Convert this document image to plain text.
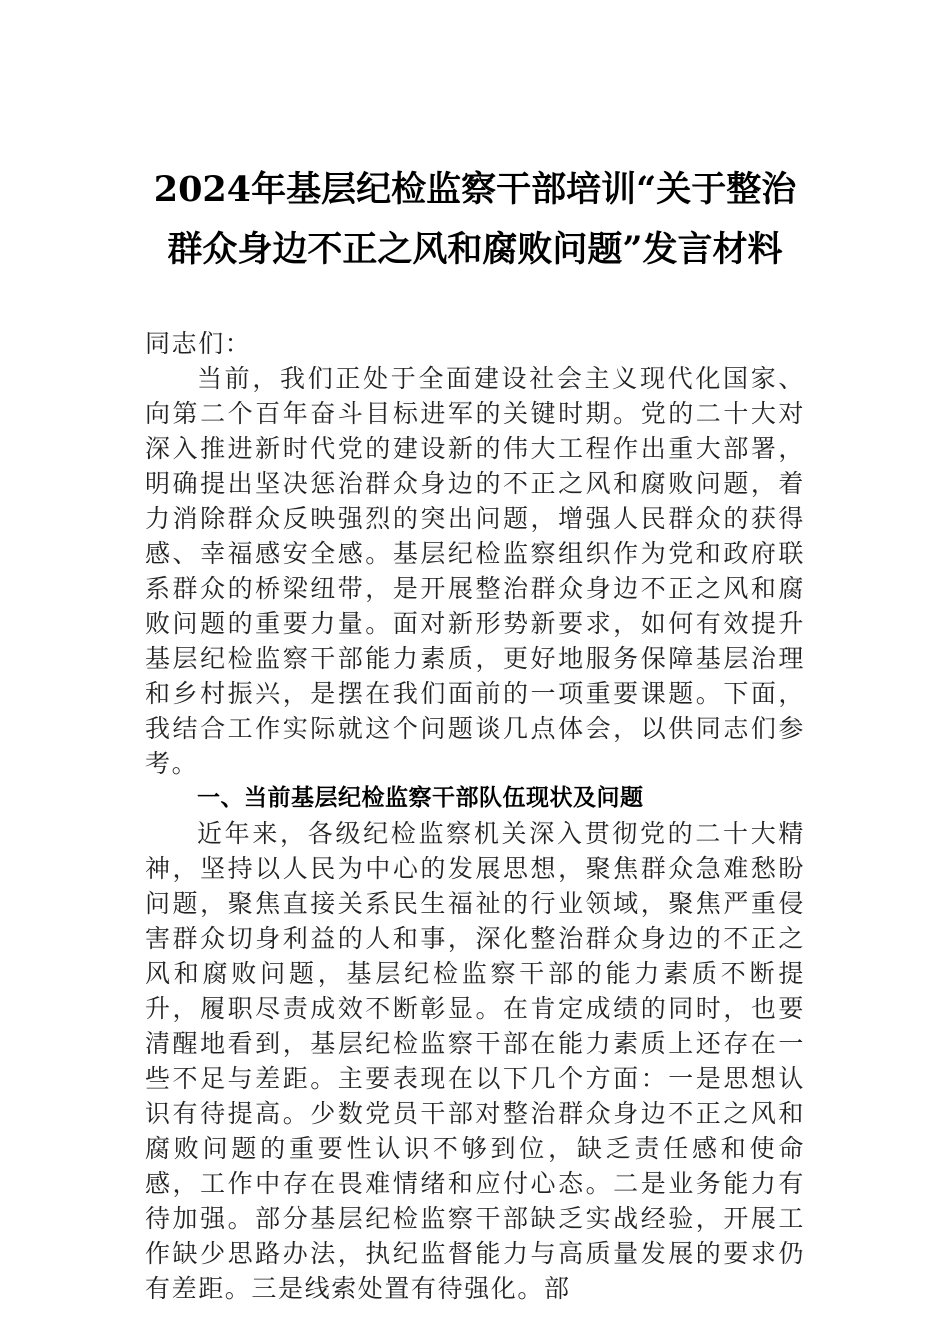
2024年基层纪检监察干部培训“关于整治
群众身边不正之风和腐败问题”发言材料

同志们：

当前，我们正处于全面建设社会主义现代化国家、向第二个百年奋斗目标进军的关键时期。党的二十大对深入推进新时代党的建设新的伟大工程作出重大部署，明确提出坚决惩治群众身边的不正之风和腐败问题，着力消除群众反映强烈的突出问题，增强人民群众的获得感、幸福感安全感。基层纪检监察组织作为党和政府联系群众的桥梁纽带，是开展整治群众身边不正之风和腐败问题的重要力量。面对新形势新要求，如何有效提升基层纪检监察干部能力素质，更好地服务保障基层治理和乡村振兴，是摆在我们面前的一项重要课题。下面，我结合工作实际就这个问题谈几点体会，以供同志们参考。

一、当前基层纪检监察干部队伍现状及问题

近年来，各级纪检监察机关深入贯彻党的二十大精神，坚持以人民为中心的发展思想，聚焦群众急难愁盼问题，聚焦直接关系民生福祉的行业领域，聚焦严重侵害群众切身利益的人和事，深化整治群众身边的不正之风和腐败问题，基层纪检监察干部的能力素质不断提升，履职尽责成效不断彰显。在肯定成绩的同时，也要清醒地看到，基层纪检监察干部在能力素质上还存在一些不足与差距。主要表现在以下几个方面：一是思想认识有待提高。少数党员干部对整治群众身边不正之风和腐败问题的重要性认识不够到位，缺乏责任感和使命感，工作中存在畏难情绪和应付心态。二是业务能力有待加强。部分基层纪检监察干部缺乏实战经验，开展工作缺少思路办法，执纪监督能力与高质量发展的要求仍有差距。三是线索处置有待强化。部
